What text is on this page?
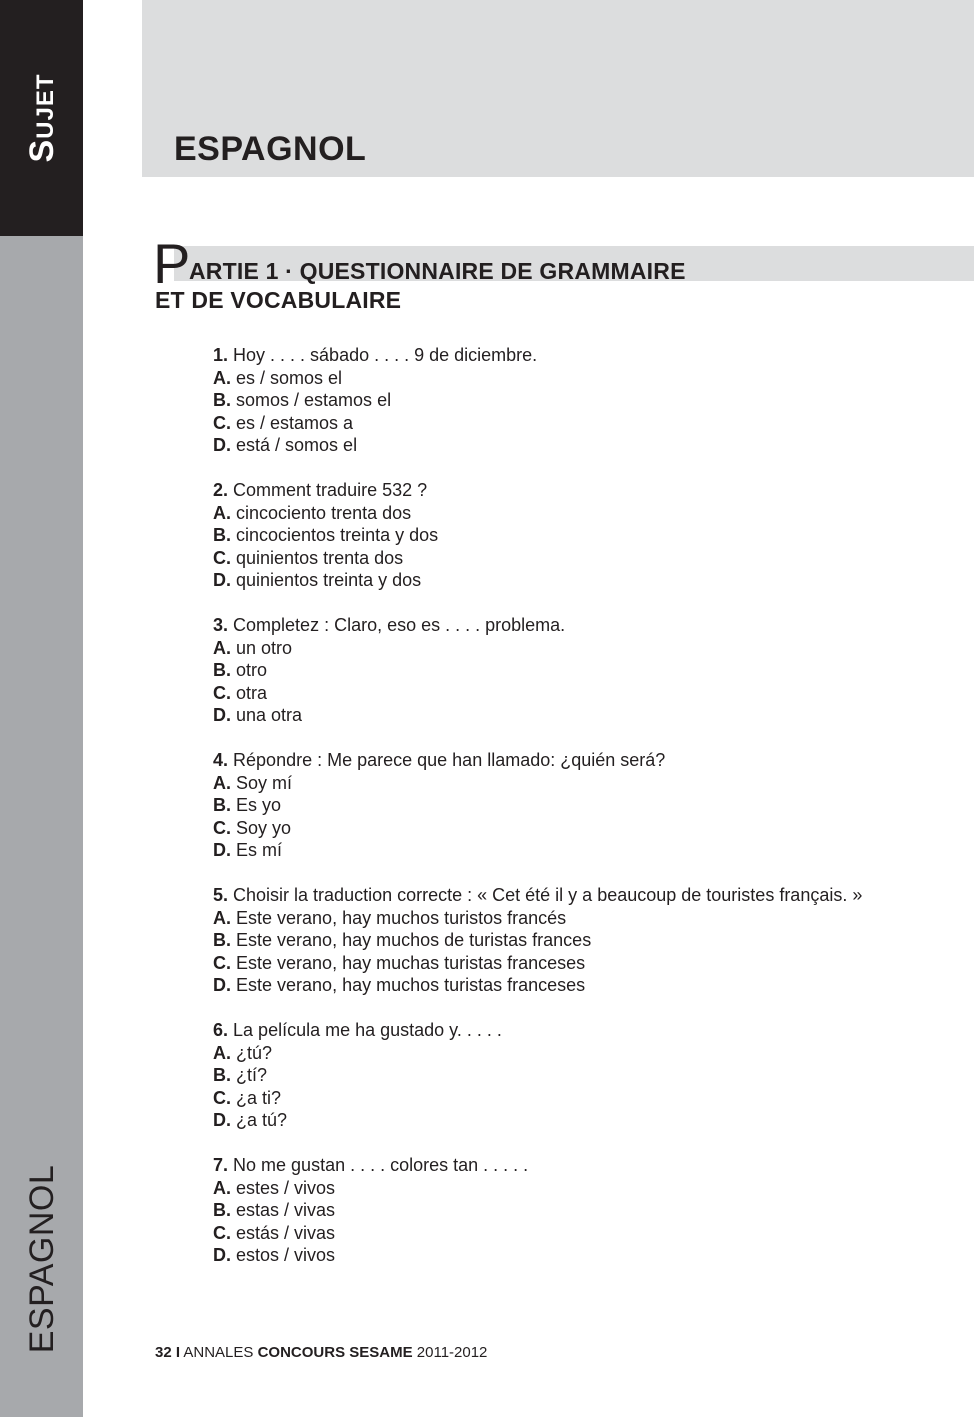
Sujet
ESPAGNOL
ESPAGNOL
P
ARTIE 1 · QUESTIONNAIRE DE GRAMMAIRE
ET DE VOCABULAIRE
1. Hoy . . . . sábado . . . . 9 de diciembre.
A. es / somos el
B. somos / estamos el
C. es / estamos a
D. está / somos el
2. Comment traduire 532 ?
A. cincociento trenta dos
B. cincocientos treinta y dos
C. quinientos trenta dos
D. quinientos treinta y dos
3. Completez : Claro, eso es . . . . problema.
A. un otro
B. otro
C. otra
D. una otra
4. Répondre : Me parece que han llamado: ¿quién será?
A. Soy mí
B. Es yo
C. Soy yo
D. Es mí
5. Choisir la traduction correcte : « Cet été il y a beaucoup de touristes français. »
A. Este verano, hay muchos turistos francés
B. Este verano, hay muchos de turistas frances
C. Este verano, hay muchas turistas franceses
D. Este verano, hay muchos turistas franceses
6. La película me ha gustado y. . . . .
A. ¿tú?
B. ¿tí?
C. ¿a ti?
D. ¿a tú?
7. No me gustan . . . . colores tan . . . . .
A. estes / vivos
B. estas / vivas
C. estás / vivas
D. estos / vivos
32 I ANNALES CONCOURS SESAME 2011-2012
